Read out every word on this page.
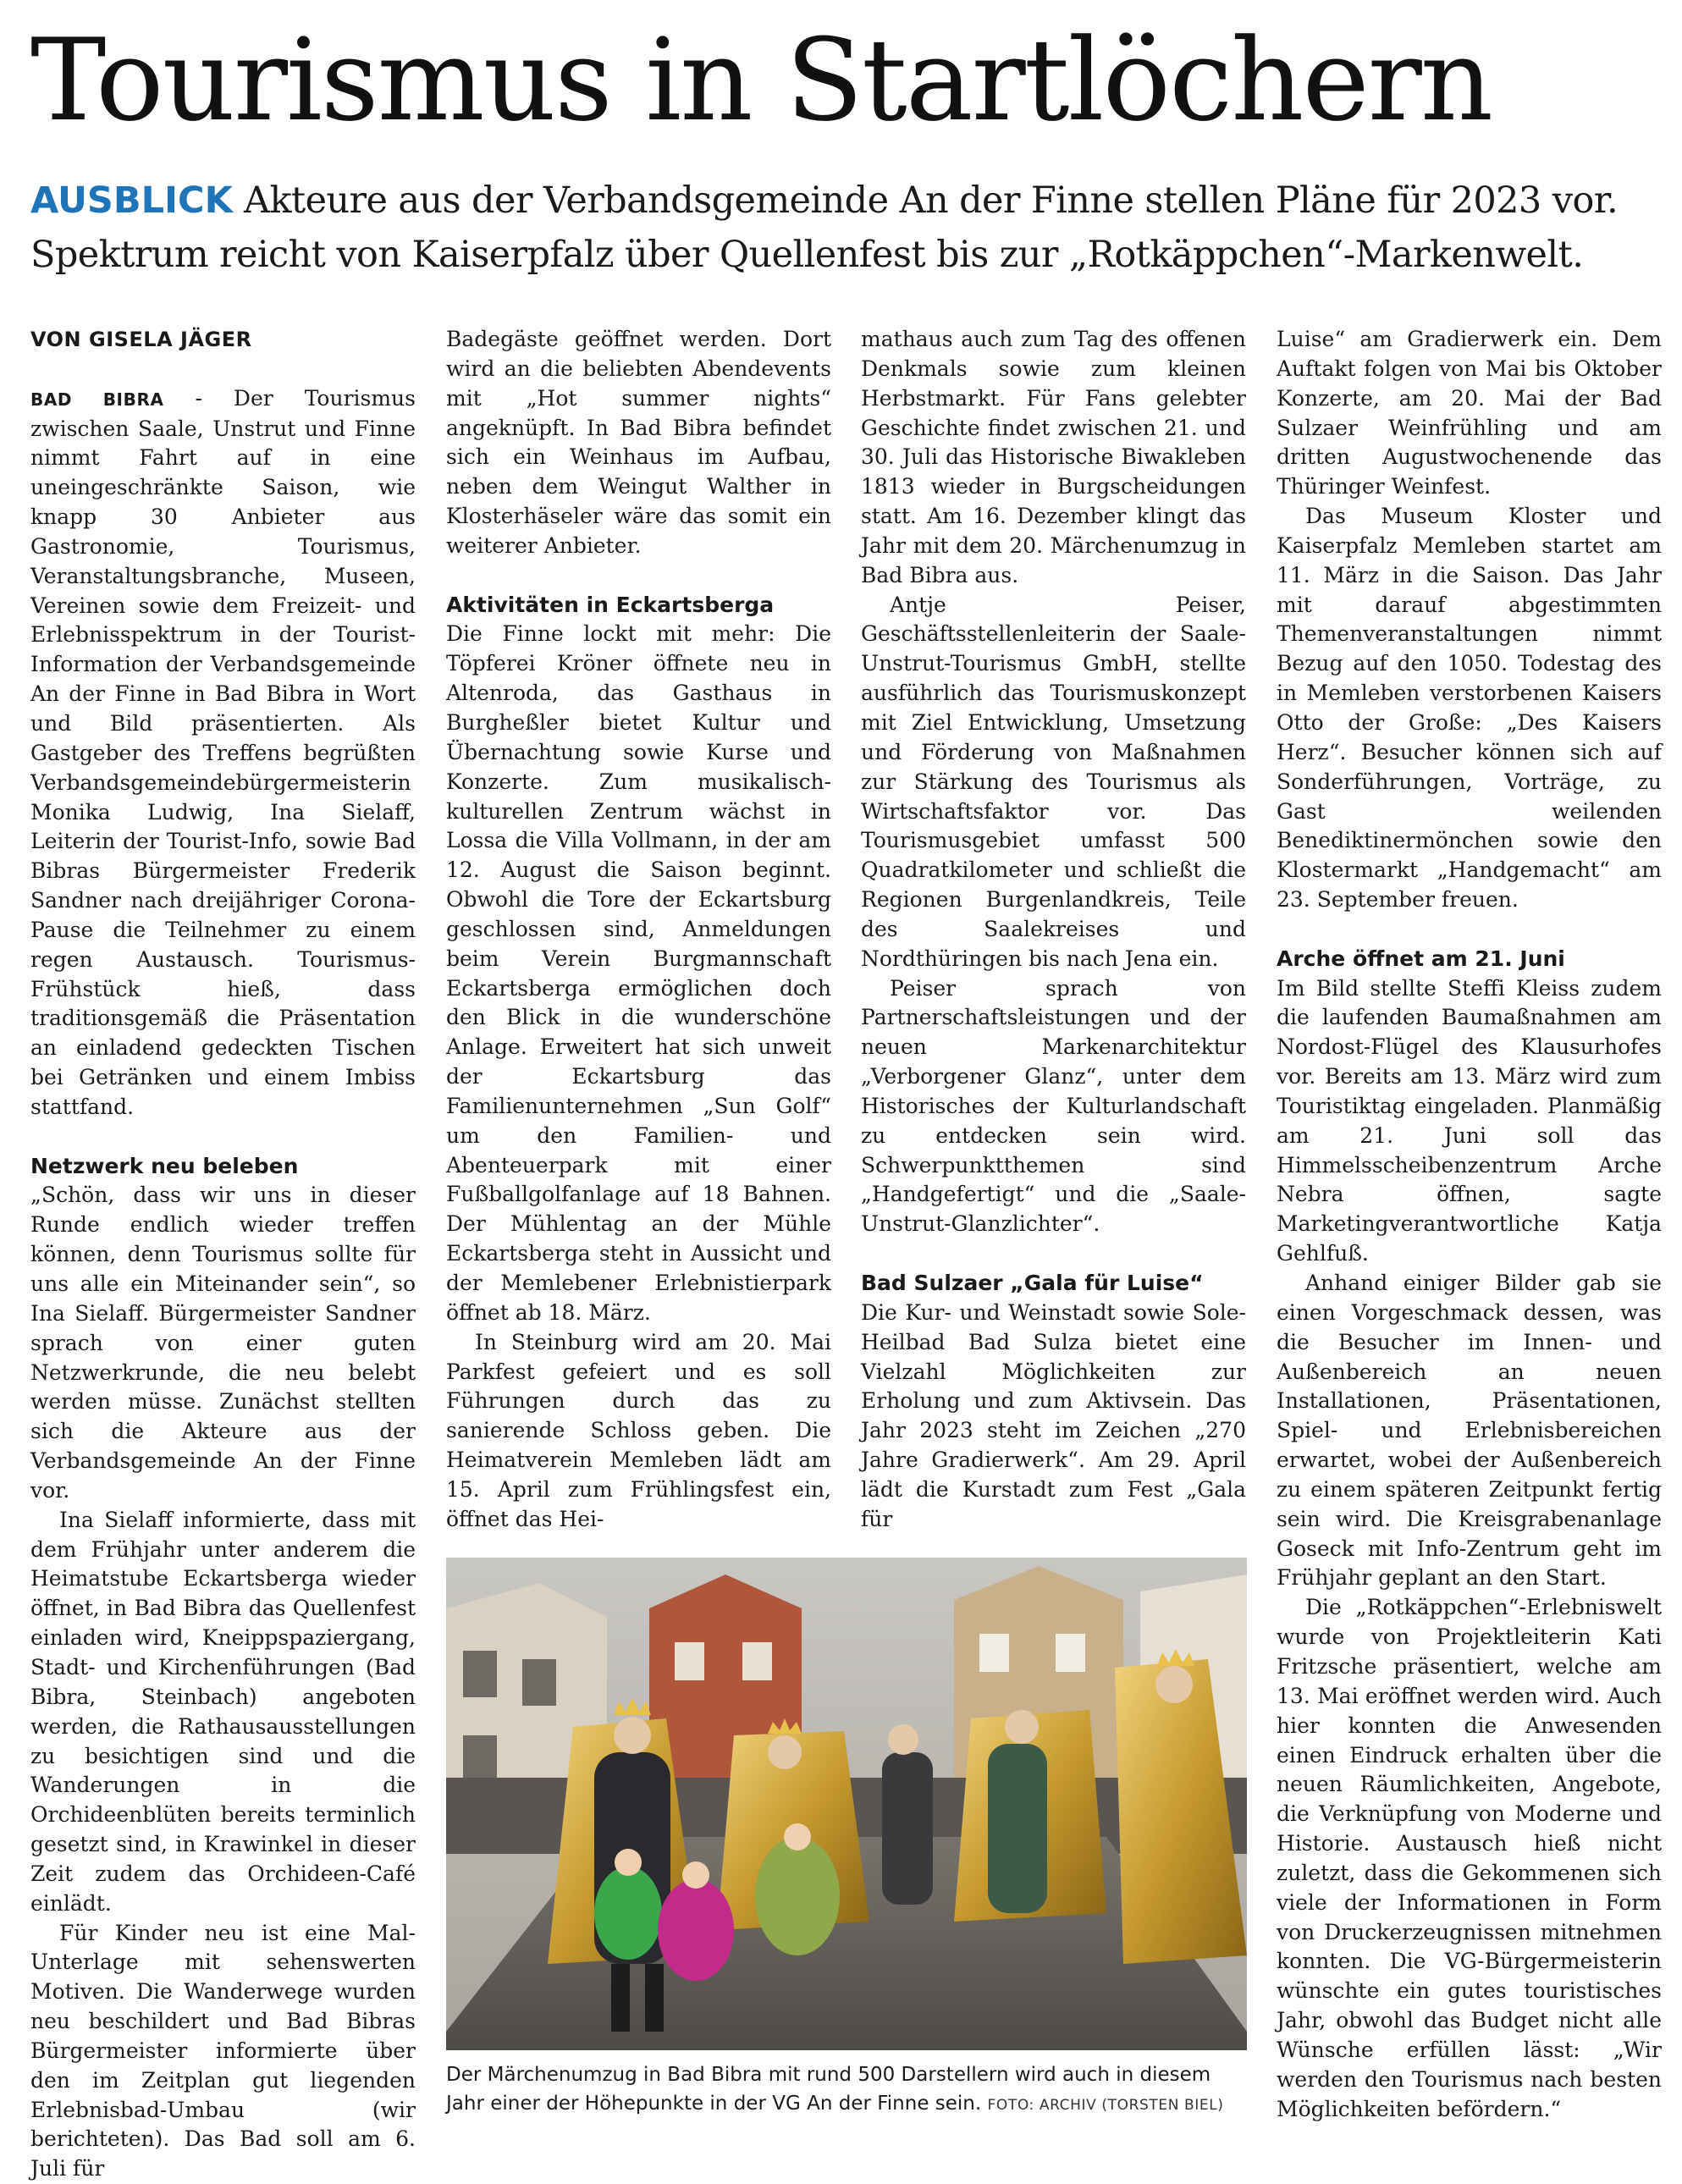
Tourismus in Startlöchern
AUSBLICK Akteure aus der Verbandsgemeinde An der Finne stellen Pläne für 2023 vor.
Spektrum reicht von Kaiserpfalz über Quellenfest bis zur „Rotkäppchen“-Markenwelt.

VON GISELA JÄGER

BAD BIBRA - Der Tourismus zwischen Saale, Unstrut und Finne nimmt Fahrt auf in eine uneingeschränkte Saison, wie knapp 30 Anbieter aus Gastronomie, Tourismus, Veranstaltungsbranche, Museen, Vereinen sowie dem Freizeit- und Erlebnisspektrum in der Tourist-Information der Verbandsgemeinde An der Finne in Bad Bibra in Wort und Bild präsentierten. Als Gastgeber des Treffens begrüßten Verbandsgemeindebürgermeisterin Monika Ludwig, Ina Sielaff, Leiterin der Tourist-Info, sowie Bad Bibras Bürgermeister Frederik Sandner nach dreijähriger Corona-Pause die Teilnehmer zu einem regen Austausch. Tourismus-Frühstück hieß, dass traditionsgemäß die Präsentation an einladend gedeckten Tischen bei Getränken und einem Imbiss stattfand.

Netzwerk neu beleben

„Schön, dass wir uns in dieser Runde endlich wieder treffen können, denn Tourismus sollte für uns alle ein Miteinander sein“, so Ina Sielaff. Bürgermeister Sandner sprach von einer guten Netzwerkrunde, die neu belebt werden müsse. Zunächst stellten sich die Akteure aus der Verbandsgemeinde An der Finne vor.

Ina Sielaff informierte, dass mit dem Frühjahr unter anderem die Heimatstube Eckartsberga wieder öffnet, in Bad Bibra das Quellenfest einladen wird, Kneippspaziergang, Stadt- und Kirchenführungen (Bad Bibra, Steinbach) angeboten werden, die Rathausausstellungen zu besichtigen sind und die Wanderungen in die Orchideenblüten bereits terminlich gesetzt sind, in Krawinkel in dieser Zeit zudem das Orchideen-Café einlädt.

Für Kinder neu ist eine Mal-Unterlage mit sehenswerten Motiven. Die Wanderwege wurden neu beschildert und Bad Bibras Bürgermeister informierte über den im Zeitplan gut liegenden Erlebnisbad-Umbau (wir berichteten). Das Bad soll am 6. Juli für

Badegäste geöffnet werden. Dort wird an die beliebten Abendevents mit „Hot summer nights“ angeknüpft. In Bad Bibra befindet sich ein Weinhaus im Aufbau, neben dem Weingut Walther in Klosterhäseler wäre das somit ein weiterer Anbieter.

Aktivitäten in Eckartsberga

Die Finne lockt mit mehr: Die Töpferei Kröner öffnete neu in Altenroda, das Gasthaus in Burgheßler bietet Kultur und Übernachtung sowie Kurse und Konzerte. Zum musikalisch-kulturellen Zentrum wächst in Lossa die Villa Vollmann, in der am 12. August die Saison beginnt. Obwohl die Tore der Eckartsburg geschlossen sind, Anmeldungen beim Verein Burgmannschaft Eckartsberga ermöglichen doch den Blick in die wunderschöne Anlage. Erweitert hat sich unweit der Eckartsburg das Familienunternehmen „Sun Golf“ um den Familien- und Abenteuerpark mit einer Fußballgolfanlage auf 18 Bahnen. Der Mühlentag an der Mühle Eckartsberga steht in Aussicht und der Memlebener Erlebnistierpark öffnet ab 18. März.

In Steinburg wird am 20. Mai Parkfest gefeiert und es soll Führungen durch das zu sanierende Schloss geben. Die Heimatverein Memleben lädt am 15. April zum Frühlingsfest ein, öffnet das Hei-

mathaus auch zum Tag des offenen Denkmals sowie zum kleinen Herbstmarkt. Für Fans gelebter Geschichte findet zwischen 21. und 30. Juli das Historische Biwakleben 1813 wieder in Burgscheidungen statt. Am 16. Dezember klingt das Jahr mit dem 20. Märchenumzug in Bad Bibra aus.

Antje Peiser, Geschäftsstellenleiterin der Saale-Unstrut-Tourismus GmbH, stellte ausführlich das Tourismuskonzept mit Ziel Entwicklung, Umsetzung und Förderung von Maßnahmen zur Stärkung des Tourismus als Wirtschaftsfaktor vor. Das Tourismusgebiet umfasst 500 Quadratkilometer und schließt die Regionen Burgenlandkreis, Teile des Saalekreises und Nordthüringen bis nach Jena ein.

Peiser sprach von Partnerschaftsleistungen und der neuen Markenarchitektur „Verborgener Glanz“, unter dem Historisches der Kulturlandschaft zu entdecken sein wird. Schwerpunktthemen sind „Handgefertigt“ und die „Saale-Unstrut-Glanzlichter“.

Bad Sulzaer „Gala für Luise“

Die Kur- und Weinstadt sowie Sole-Heilbad Bad Sulza bietet eine Vielzahl Möglichkeiten zur Erholung und zum Aktivsein. Das Jahr 2023 steht im Zeichen „270 Jahre Gradierwerk“. Am 29. April lädt die Kurstadt zum Fest „Gala für

Luise“ am Gradierwerk ein. Dem Auftakt folgen von Mai bis Oktober Konzerte, am 20. Mai der Bad Sulzaer Weinfrühling und am dritten Augustwochenende das Thüringer Weinfest.

Das Museum Kloster und Kaiserpfalz Memleben startet am 11. März in die Saison. Das Jahr mit darauf abgestimmten Themenveranstaltungen nimmt Bezug auf den 1050. Todestag des in Memleben verstorbenen Kaisers Otto der Große: „Des Kaisers Herz“. Besucher können sich auf Sonderführungen, Vorträge, zu Gast weilenden Benediktinermönchen sowie den Klostermarkt „Handgemacht“ am 23. September freuen.

Arche öffnet am 21. Juni

Im Bild stellte Steffi Kleiss zudem die laufenden Baumaßnahmen am Nordost-Flügel des Klausurhofes vor. Bereits am 13. März wird zum Touristiktag eingeladen. Planmäßig am 21. Juni soll das Himmelsscheibenzentrum Arche Nebra öffnen, sagte Marketingverantwortliche Katja Gehlfuß.

Anhand einiger Bilder gab sie einen Vorgeschmack dessen, was die Besucher im Innen- und Außenbereich an neuen Installationen, Präsentationen, Spiel- und Erlebnisbereichen erwartet, wobei der Außenbereich zu einem späteren Zeitpunkt fertig sein wird. Die Kreisgrabenanlage Goseck mit Info-Zentrum geht im Frühjahr geplant an den Start.

Die „Rotkäppchen“-Erlebniswelt wurde von Projektleiterin Kati Fritzsche präsentiert, welche am 13. Mai eröffnet werden wird. Auch hier konnten die Anwesenden einen Eindruck erhalten über die neuen Räumlichkeiten, Angebote, die Verknüpfung von Moderne und Historie. Austausch hieß nicht zuletzt, dass die Gekommenen sich viele der Informationen in Form von Druckerzeugnissen mitnehmen konnten. Die VG-Bürgermeisterin wünschte ein gutes touristisches Jahr, obwohl das Budget nicht alle Wünsche erfüllen lässt: „Wir werden den Tourismus nach besten Möglichkeiten befördern.“

Der Märchenumzug in Bad Bibra mit rund 500 Darstellern wird auch in diesem Jahr einer der Höhepunkte in der VG An der Finne sein. FOTO: ARCHIV (TORSTEN BIEL)
